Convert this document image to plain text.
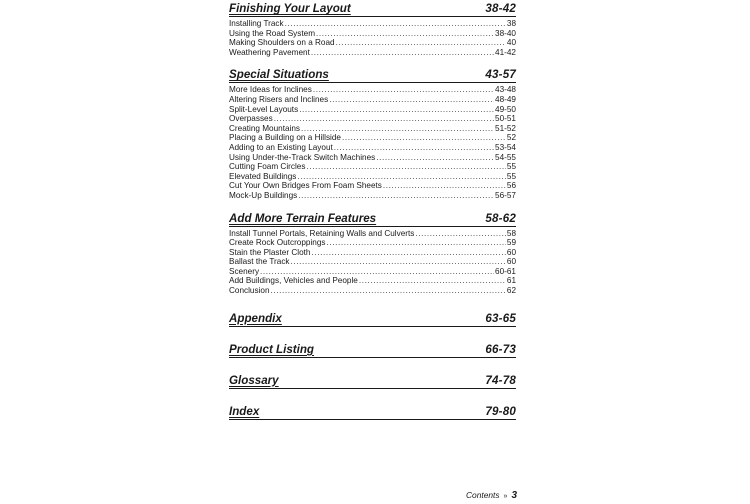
Finishing Your Layout	38-42
Installing Track .....	38
Using the Road System .....	38-40
Making Shoulders on a Road .....	40
Weathering Pavement .....	41-42
Special Situations	43-57
More Ideas for Inclines .....	43-48
Altering Risers and Inclines .....	48-49
Split-Level Layouts .....	49-50
Overpasses .....	50-51
Creating Mountains .....	51-52
Placing a Building on a Hillside .....	52
Adding to an Existing Layout .....	53-54
Using Under-the-Track Switch Machines .....	54-55
Cutting Foam Circles .....	55
Elevated Buildings .....	55
Cut Your Own Bridges From Foam Sheets .....	56
Mock-Up Buildings .....	56-57
Add More Terrain Features	58-62
Install Tunnel Portals, Retaining Walls and Culverts .....	58
Create Rock Outcroppings .....	59
Stain the Plaster Cloth .....	60
Ballast the Track .....	60
Scenery .....	60-61
Add Buildings, Vehicles and People .....	61
Conclusion .....	62
Appendix	63-65
Product Listing	66-73
Glossary	74-78
Index	79-80
Contents » 3
